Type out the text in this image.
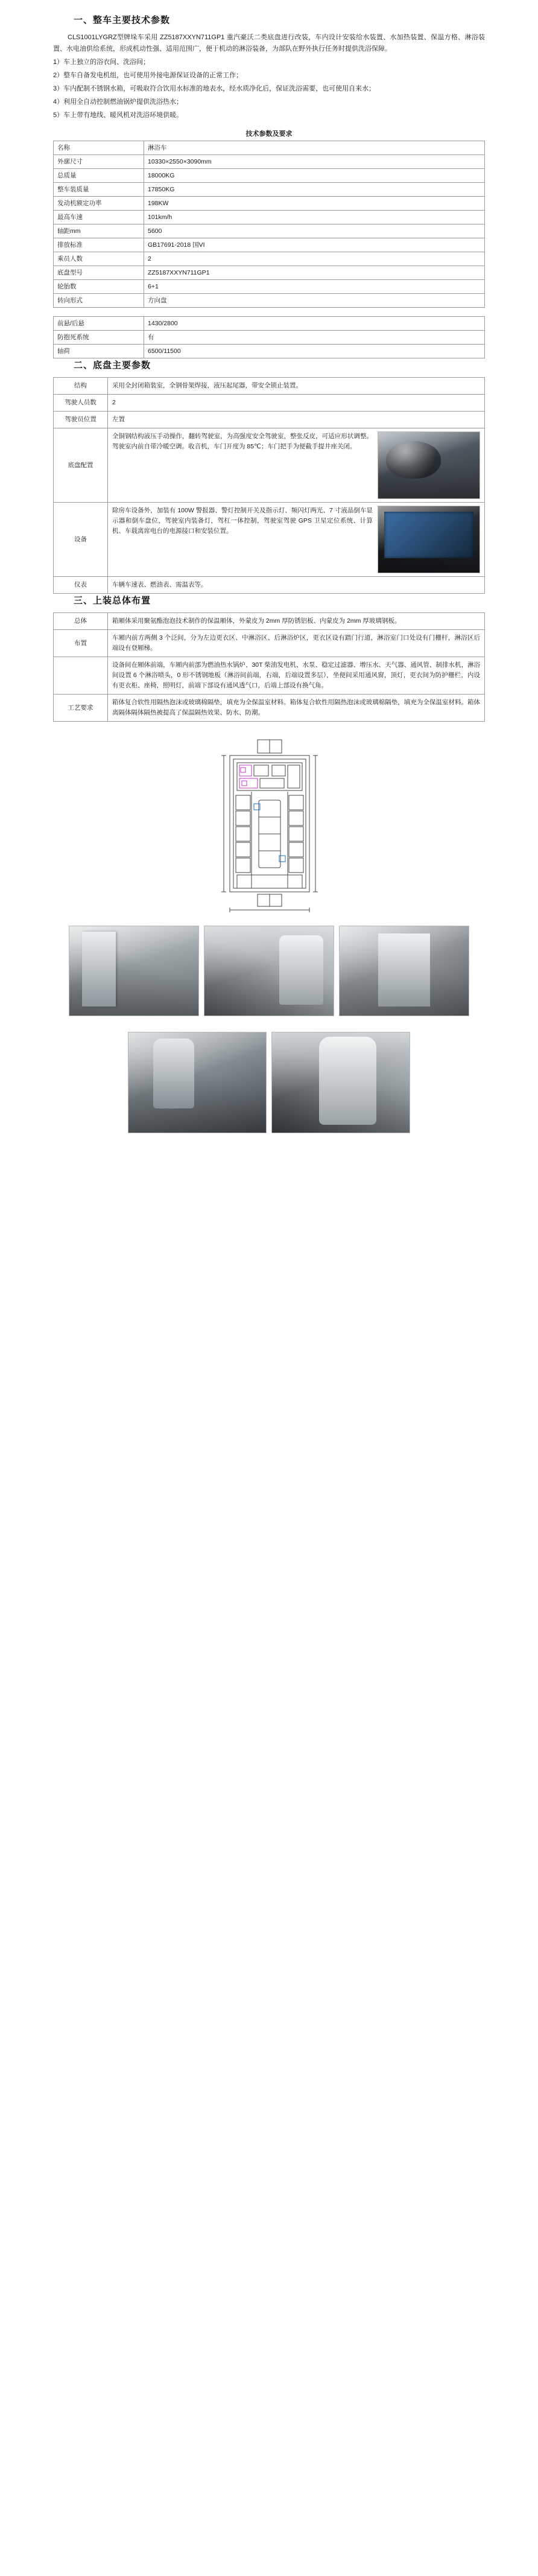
一、整车主要技术参数

CLS1001LYGRZ型牌垛车采用 ZZ5187XXYN711GP1 重汽豪沃二类底盘进行改装，车内设计安装给水装置、水加热装置、保温方格、淋浴装置、水电油供给系统，形成机动性强、适用范围广，便于机动的淋浴装备，为部队在野外执行任务时提供洗浴保障。

1）车上独立的浴衣间、洗浴间；

2）整车自备发电机组，也可使用外接电源保证设备的正常工作；

3）车内配制不锈钢水箱，可吸取符合饮用水标准的地表水，经水质净化后，保证洗浴需要，也可使用自来水；

4）利用全自动控制燃油锅炉提供洗浴热水；

5）车上带有地线、暖风机对洗浴环境供暖。

技术参数及要求
名称	淋浴车
外廓尺寸	10330×2550×3090mm
总质量	18000KG
整车装质量	17850KG
发动机额定功率	198KW
最高车速	101km/h
轴距mm	5600
排放标准	GB17691-2018 国VI
乘员人数	2
底盘型号	ZZ5187XXYN711GP1
轮胎数	6+1
转向形式	方向盘
前悬/后悬	1430/2800
防抱死系统	有
轴荷	6500/11500
二、底盘主要参数
结构	采用全封闭箱装室，全钢骨架焊接，液压起尾器，带安全锁止装置。
驾驶人员数	2
驾驶员位置	左置
底盘配置	全铜钢结构液压手动操作，翻转驾驶室，为高强度安全驾驶室，整张反皮，可适应形状调整。驾驶室内前自带冷暖空调。收音机，车门开度为 85℃；车门把手为便截手提井座关闭。

设备	除房车设备外，加装有 100W 警报器、警灯控制开关及指示灯、频闪灯两光、7 寸液晶倒车显示器和倒车盘位，驾驶室内装备灯，驾杠一体控制，驾驶室驾驶 GPS 卫星定位系统、计算机、车载离席电台的电源接口和安装位置。

仪表	车辆车速表、燃油表、需温表等。
三、上装总体布置
总体	箱厢体采用聚氨酯泡泡技术制作的保温厢体，外蒙皮为 2mm 厚防锈铝板、内蒙皮为 2mm 厚玻璃钢板。
布置	车厢内前方两侧 3 个泛间，分为左边更衣区、中淋浴区、后淋浴炉区，更衣区设有踏门行道，淋浴室门口处设有门栅杆，淋浴区后端设有登厢梯。
	设备间在厢体前端，车厢内前部为燃油热水锅炉、30T 柴油发电机、水泵、稳定过滤器、增压水、天气器、通风管、制排水机，淋浴间设置 6 个淋浴喷头，0 形不锈钢地板（淋浴间前端，右端，后端设置多层），坐便间采用通风窗，顶灯，更衣间为防护栅栏，内设有更衣柜、座椅，照明灯，前端下部设有通风透气口，后端上部设有换气角。
工艺要求	箱体复合软性用隔热泡沫或玻璃棉隔垫，填充为全保温室材料。箱体复合软性用隔热泡沫或玻璃棉隔垫，填充为全保温室材料。箱体离隔体隔体隔热被提高了保温隔热效果、防水、防潮。
